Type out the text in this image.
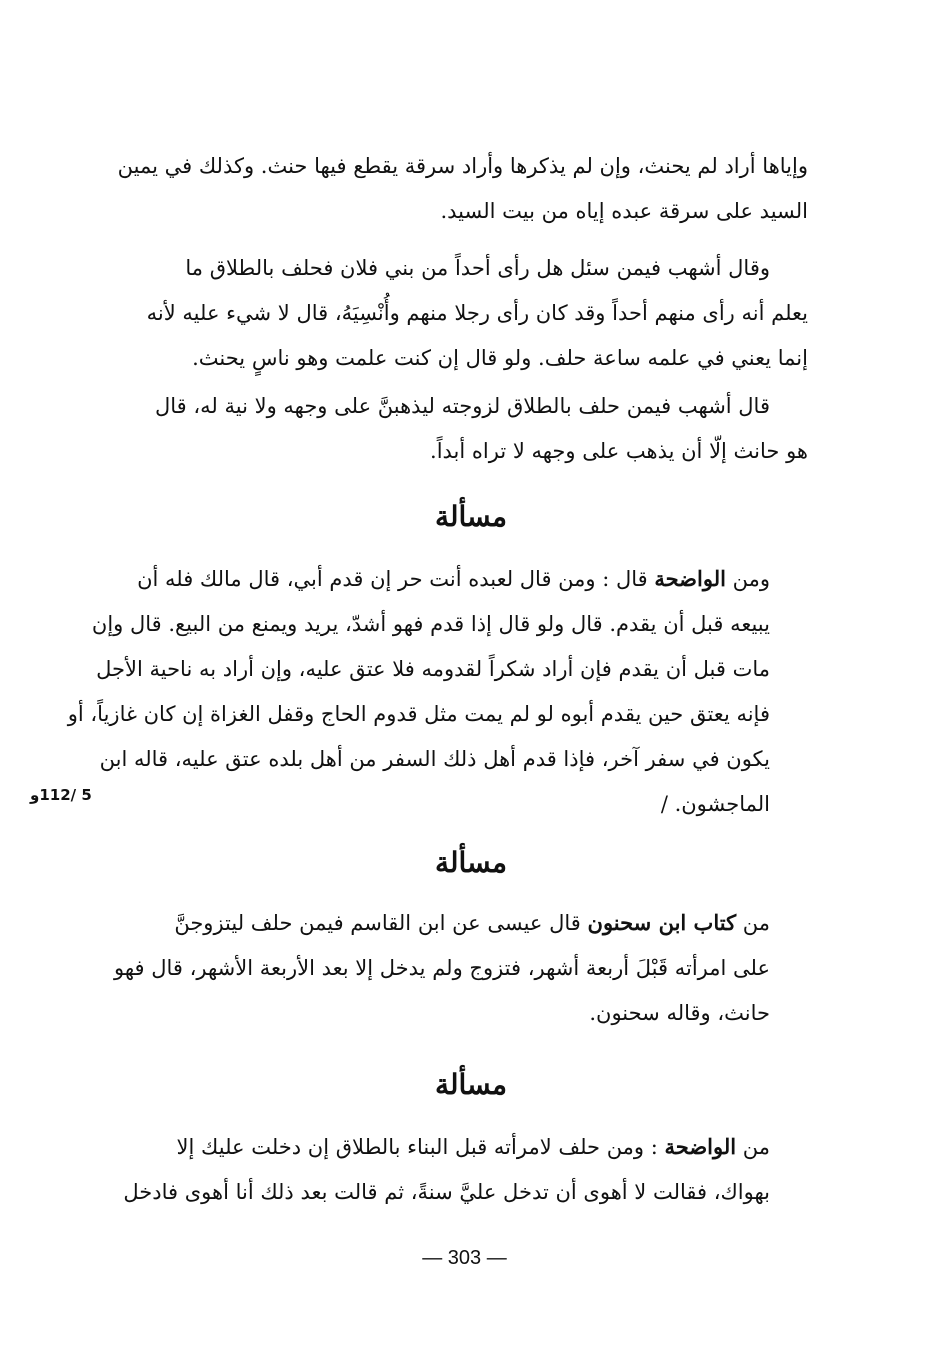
وإياها أراد لم يحنث، وإن لم يذكرها وأراد سرقة يقطع فيها حنث. وكذلك في يمين
السيد على سرقة عبده إياه من بيت السيد.

وقال أشهب فيمن سئل هل رأى أحداً من بني فلان فحلف بالطلاق ما
يعلم أنه رأى منهم أحداً وقد كان رأى رجلا منهم وأُنْسِيَهُ، قال لا شيء عليه لأنه
إنما يعني في علمه ساعة حلف. ولو قال إن كنت علمت وهو ناسٍ يحنث.

قال أشهب فيمن حلف بالطلاق لزوجته ليذهبنَّ على وجهه ولا نية له، قال
هو حانث إلّا أن يذهب على وجهه لا تراه أبداً.

مسألة

ومن الواضحة قال : ومن قال لعبده أنت حر إن قدم أبي، قال مالك فله أن
يبيعه قبل أن يقدم. قال ولو قال إذا قدم فهو أشدّ، يريد ويمنع من البيع. قال وإن
مات قبل أن يقدم فإن أراد شكراً لقدومه فلا عتق عليه، وإن أراد به ناحية الأجل
فإنه يعتق حين يقدم أبوه لو لم يمت مثل قدوم الحاج وقفل الغزاة إن كان غازياً، أو
يكون في سفر آخر، فإذا قدم أهل ذلك السفر من أهل بلده عتق عليه، قاله ابن
الماجشون. /

5 /112و
مسألة

من كتاب ابن سحنون قال عيسى عن ابن القاسم فيمن حلف ليتزوجنَّ
على امرأته قَبْلَ أربعة أشهر، فتزوج ولم يدخل إلا بعد الأربعة الأشهر، قال فهو
حانث، وقاله سحنون.

مسألة

من الواضحة : ومن حلف لامرأته قبل البناء بالطلاق إن دخلت عليك إلا
بهواك، فقالت لا أهوى أن تدخل عليَّ سنةً، ثم قالت بعد ذلك أنا أهوى فادخل

— 303 —
